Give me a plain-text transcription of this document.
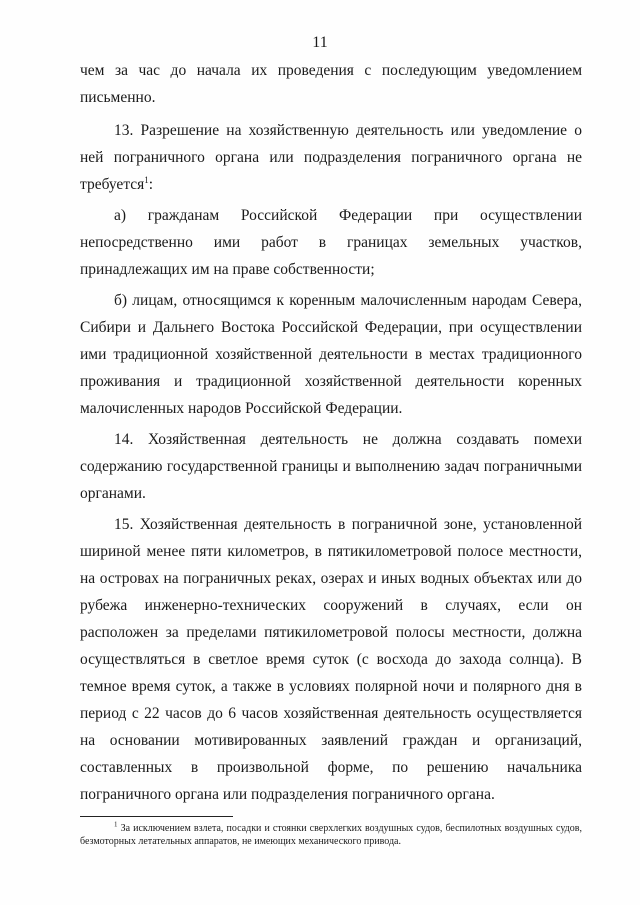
11

чем за час до начала их проведения с последующим уведомлением письменно.

13. Разрешение на хозяйственную деятельность или уведомление о ней пограничного органа или подразделения пограничного органа не требуется$^1$:

а) гражданам Российской Федерации при осуществлении непосредственно ими работ в границах земельных участков, принадлежащих им на праве собственности;

б) лицам, относящимся к коренным малочисленным народам Севера, Сибири и Дальнего Востока Российской Федерации, при осуществлении ими традиционной хозяйственной деятельности в местах традиционного проживания и традиционной хозяйственной деятельности коренных малочисленных народов Российской Федерации.

14. Хозяйственная деятельность не должна создавать помехи содержанию государственной границы и выполнению задач пограничными органами.

15. Хозяйственная деятельность в пограничной зоне, установленной шириной менее пяти километров, в пятикилометровой полосе местности, на островах на пограничных реках, озерах и иных водных объектах или до рубежа инженерно-технических сооружений в случаях, если он расположен за пределами пятикилометровой полосы местности, должна осуществляться в светлое время суток (с восхода до захода солнца). В темное время суток, а также в условиях полярной ночи и полярного дня в период с 22 часов до 6 часов хозяйственная деятельность осуществляется на основании мотивированных заявлений граждан и организаций, составленных в произвольной форме, по решению начальника пограничного органа или подразделения пограничного органа.

$^1$ За исключением взлета, посадки и стоянки сверхлегких воздушных судов, беспилотных воздушных судов, безмоторных летательных аппаратов, не имеющих механического привода.
